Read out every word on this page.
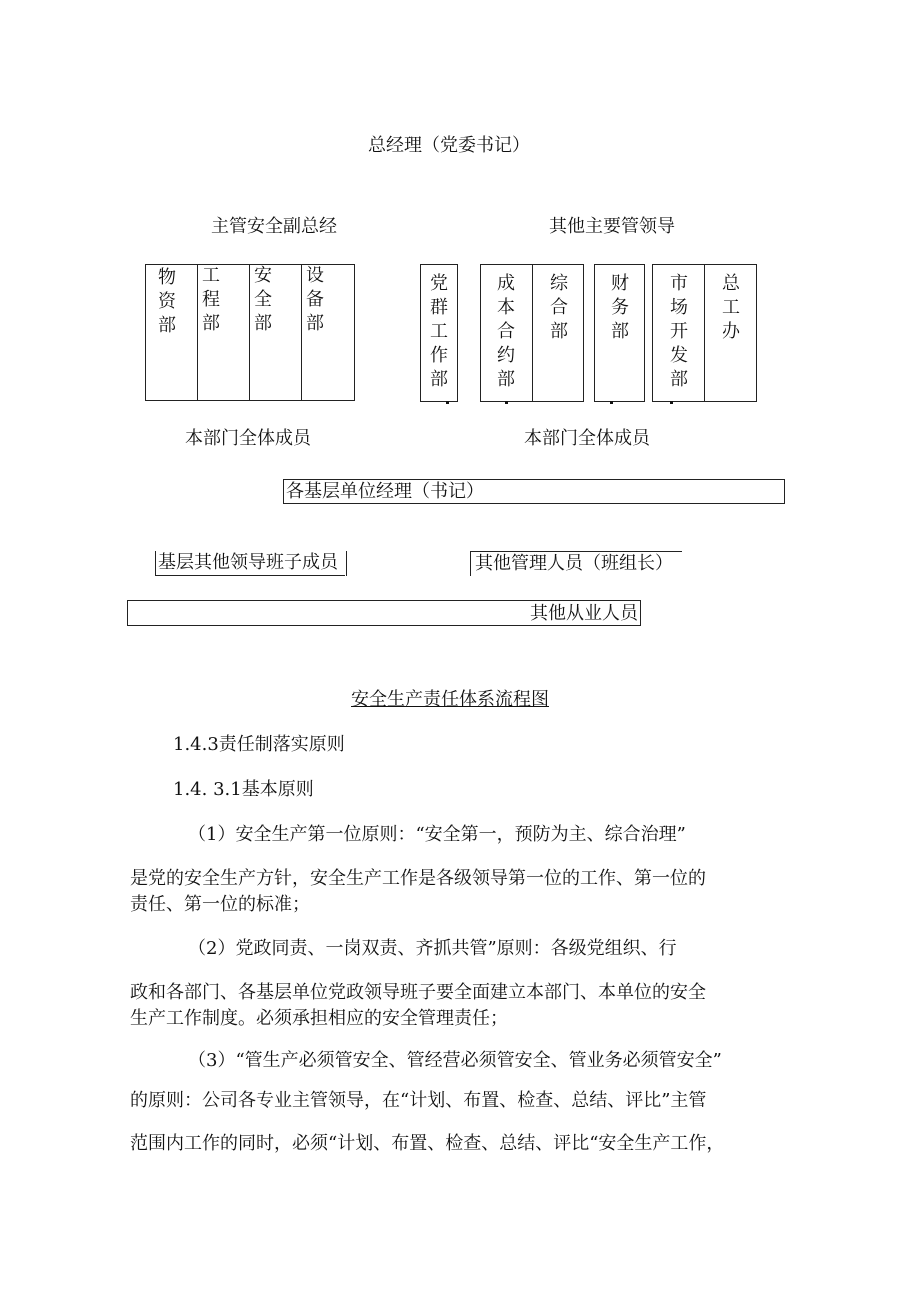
总经理（党委书记）
主管安全副总经	其他主要管领导
物资部
工程部
安全部
设备部
党群工作部
成本合约部
综合部
财务部
市场开发部
总工办
本部门全体成员	本部门全体成员
各基层单位经理（书记）
基层其他领导班子成员	其他管理人员（班组长）
其他从业人员
安全生产责任体系流程图
1.4.3责任制落实原则
1.4. 3.1基本原则
（1）安全生产第一位原则：“安全第一，预防为主、综合治理”
是党的安全生产方针，安全生产工作是各级领导第一位的工作、第一位的
责任、第一位的标准；
（2）党政同责、一岗双责、齐抓共管”原则：各级党组织、行
政和各部门、各基层单位党政领导班子要全面建立本部门、本单位的安全
生产工作制度。必须承担相应的安全管理责任；
（3）“管生产必须管安全、管经营必须管安全、管业务必须管安全”
的原则：公司各专业主管领导，在“计划、布置、检查、总结、评比”主管
范围内工作的同时，必须“计划、布置、检查、总结、评比“安全生产工作，
